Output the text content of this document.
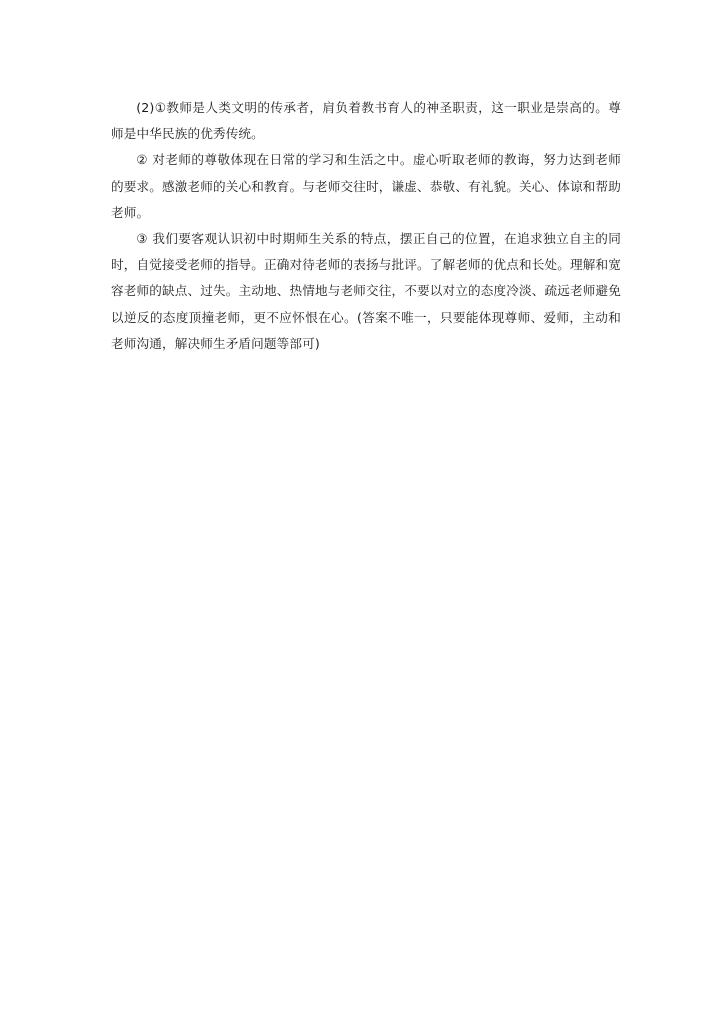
(2)①教师是人类文明的传承者，肩负着教书育人的神圣职责，这一职业是崇高的。尊师是中华民族的优秀传统。

② 对老师的尊敬体现在日常的学习和生活之中。虚心听取老师的教诲，努力达到老师的要求。感激老师的关心和教育。与老师交往时，谦虚、恭敬、有礼貌。关心、体谅和帮助老师。

③ 我们要客观认识初中时期师生关系的特点，摆正自己的位置，在追求独立自主的同时，自觉接受老师的指导。正确对待老师的表扬与批评。了解老师的优点和长处。理解和宽容老师的缺点、过失。主动地、热情地与老师交往，不要以对立的态度冷淡、疏远老师避免以逆反的态度顶撞老师，更不应怀恨在心。(答案不唯一，只要能体现尊师、爱师，主动和老师沟通，解决师生矛盾问题等部可)
